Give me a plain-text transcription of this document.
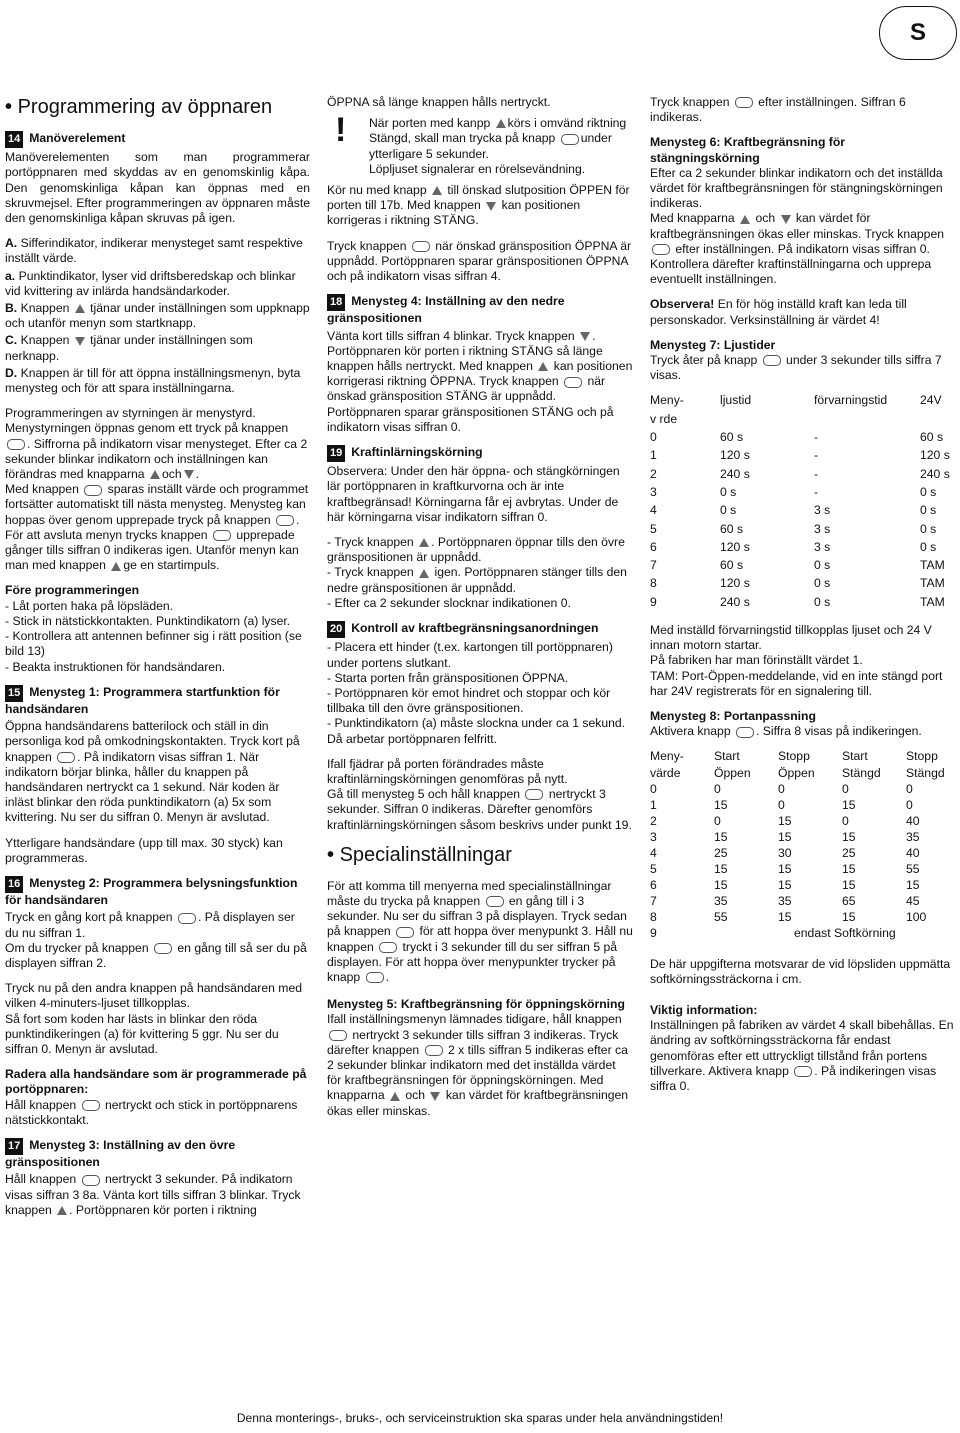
S
• Programmering av öppnaren
14 Manöverelement

Manöverelementen som man programmerar portöppnaren med skyddas av en genomskinlig kåpa. Den genomskinliga kåpan kan öppnas med en skruvmejsel. Efter programmeringen av öppnaren måste den genomskinliga kåpan skruvas på igen.

A. Sifferindikator, indikerar menysteget samt respektive inställt värde.

a. Punktindikator, lyser vid driftsberedskap och blinkar vid kvittering av inlärda handsändarkoder.

B. Knappen tjänar under inställningen som uppknapp och utanför menyn som startknapp.

C. Knappen tjänar under inställningen som nerknapp.

D. Knappen är till för att öppna inställningsmenyn, byta menysteg och för att spara inställningarna.

Programmeringen av styrningen är menystyrd.

Menystyrningen öppnas genom ett tryck på knappen . Siffrorna på indikatorn visar menysteget. Efter ca 2 sekunder blinkar indikatorn och inställningen kan förändras med knapparna och .

Med knappen sparas inställt värde och programmet fortsätter automatiskt till nästa menysteg. Menysteg kan hoppas över genom upprepade tryck på knappen . För att avsluta menyn trycks knappen upprepade gånger tills siffran 0 indikeras igen. Utanför menyn kan man med knappen ge en startimpuls.

Före programmeringen
- Låt porten haka på löpsläden.
- Stick in nätstickkontakten. Punktindikatorn (a) lyser.
- Kontrollera att antennen befinner sig i rätt position (se bild 13)
- Beakta instruktionen för handsändaren.
15 Menysteg 1: Programmera startfunktion för handsändaren

Öppna handsändarens batterilock och ställ in din personliga kod på omkodningskontakten. Tryck kort på knappen . På indikatorn visas siffran 1. När indikatorn börjar blinka, håller du knappen på handsändaren nertryckt ca 1 sekund. När koden är inläst blinkar den röda punktindikatorn (a) 5x som kvittering. Nu ser du siffran 0. Menyn är avslutad.

Ytterligare handsändare (upp till max. 30 styck) kan programmeras.

16 Menysteg 2: Programmera belysningsfunktion för handsändaren

Tryck en gång kort på knappen . På displayen ser du nu siffran 1.

Om du trycker på knappen en gång till så ser du på displayen siffran 2.

Tryck nu på den andra knappen på handsändaren med vilken 4-minuters-ljuset tillkopplas.

Så fort som koden har lästs in blinkar den röda punktindikeringen (a) för kvittering 5 ggr. Nu ser du siffran 0. Menyn är avslutad.

Radera alla handsändare som är programmerade på portöppnaren:

Håll knappen nertryckt och stick in portöppnarens nätstickkontakt.

17 Menysteg 3: Inställning av den övre gränspositionen

Håll knappen nertryckt 3 sekunder. På indikatorn visas siffran 3 8a. Vänta kort tills siffran 3 blinkar. Tryck knappen . Portöppnaren kör porten i riktning

ÖPPNA så länge knappen hålls nertryckt.

! När porten med kanpp körs i omvänd riktning Stängd, skall man trycka på knapp under ytterligare 5 sekunder.
Löpljuset signalerar en rörelsevändning.

Kör nu med knapp till önskad slutposition ÖPPEN för porten till 17b. Med knappen kan positionen korrigeras i riktning STÄNG.

Tryck knappen när önskad gränsposition ÖPPNA är uppnådd. Portöppnaren sparar gränspositionen ÖPPNA och på indikatorn visas siffran 4.

18 Menysteg 4: Inställning av den nedre gränspositionen

Vänta kort tills siffran 4 blinkar. Tryck knappen . Portöppnaren kör porten i riktning STÄNG så länge knappen hålls nertryckt. Med knappen kan positionen korrigerasi riktning ÖPPNA. Tryck knappen när önskad gränsposition STÄNG är uppnådd. Portöppnaren sparar gränspositionen STÄNG och på indikatorn visas siffran 0.

19 Kraftinlärningskörning

Observera: Under den här öppna- och stängkörningen lär portöppnaren in kraftkurvorna och är inte kraftbegränsad! Körningarna får ej avbrytas. Under de här körningarna visar indikatorn siffran 0.

- Tryck knappen . Portöppnaren öppnar tills den övre gränspositionen är uppnådd.
- Tryck knappen igen. Portöppnaren stänger tills den nedre gränspositionen är uppnådd.
- Efter ca 2 sekunder slocknar indikationen 0.
20 Kontroll av kraftbegränsningsanordningen
- Placera ett hinder (t.ex. kartongen till portöppnaren) under portens slutkant.
- Starta porten från gränspositionen ÖPPNA.
- Portöppnaren kör emot hindret och stoppar och kör tillbaka till den övre gränspositionen.
- Punktindikatorn (a) måste slockna under ca 1 sekund. Då arbetar portöppnaren felfritt.

Ifall fjädrar på porten förändrades måste kraftinlärningskörningen genomföras på nytt.

Gå till menysteg 5 och håll knappen nertryckt 3 sekunder. Siffran 0 indikeras. Därefter genomförs kraftinlärningskörningen såsom beskrivs under punkt 19.

• Specialinställningar

För att komma till menyerna med specialinställningar måste du trycka på knappen en gång till i 3 sekunder. Nu ser du siffran 3 på displayen. Tryck sedan på knappen för att hoppa över menypunkt 3. Håll nu knappen tryckt i 3 sekunder till du ser siffran 5 på displayen. För att hoppa över menypunkter trycker på knapp .

Menysteg 5: Kraftbegränsning för öppningskörning

Ifall inställningsmenyn lämnades tidigare, håll knappen  nertryckt 3 sekunder tills siffran 3 indikeras. Tryck därefter knappen 2 x tills siffran 5 indikeras efter ca 2 sekunder blinkar indikatorn med det inställda värdet för kraftbegränsningen för öppningskörningen. Med knapparna och kan värdet för kraftbegränsningen ökas eller minskas.

Tryck knappen efter inställningen. Siffran 6 indikeras.

Menysteg 6: Kraftbegränsning för stängningskörning

Efter ca 2 sekunder blinkar indikatorn och det inställda värdet för kraftbegränsningen för stängningskörningen indikeras.

Med knapparna och kan värdet för kraftbegränsningen ökas eller minskas. Tryck knappen  efter inställningen. På indikatorn visas siffran 0. Kontrollera därefter kraftinställningarna och upprepa eventuellt inställningen.

Observera! En för hög inställd kraft kan leda till personskador. Verksinställning är värdet 4!

Menysteg 7: Ljustider

Tryck åter på knapp under 3 sekunder tills siffra 7 visas.

Meny-	ljustid	förvarningstid	24V
v rde			
0	60 s	-	60 s
1	120 s	-	120 s
2	240 s	-	240 s
3	0 s	-	0 s
4	0 s	3 s	0 s
5	60 s	3 s	0 s
6	120 s	3 s	0 s
7	60 s	0 s	TAM
8	120 s	0 s	TAM
9	240 s	0 s	TAM

Med inställd förvarningstid tillkopplas ljuset och 24 V innan motorn startar.

På fabriken har man förinställt värdet 1.

TAM: Port-Öppen-meddelande, vid en inte stängd port har 24V registrerats för en signalering till.

Menysteg 8: Portanpassning

Aktivera knapp . Siffra 8 visas på indikeringen.

Meny-	Start	Stopp	Start	Stopp
värde	Öppen	Öppen	Stängd	Stängd
0	0	0	0	0
1	15	0	15	0
2	0	15	0	40
3	15	15	15	35
4	25	30	25	40
5	15	15	15	55
6	15	15	15	15
7	35	35	65	45
8	55	15	15	100
9	endast Softkörning			

De här uppgifterna motsvarar de vid löpsliden uppmätta softkörningssträckorna i cm.

Viktig information:

Inställningen på fabriken av värdet 4 skall bibehållas. En ändring av softkörningssträckorna får endast genomföras efter ett uttryckligt tillstånd från portens tillverkare. Aktivera knapp . På indikeringen visas siffra 0.

Denna monterings-, bruks-, och serviceinstruktion ska sparas under hela användningstiden!
